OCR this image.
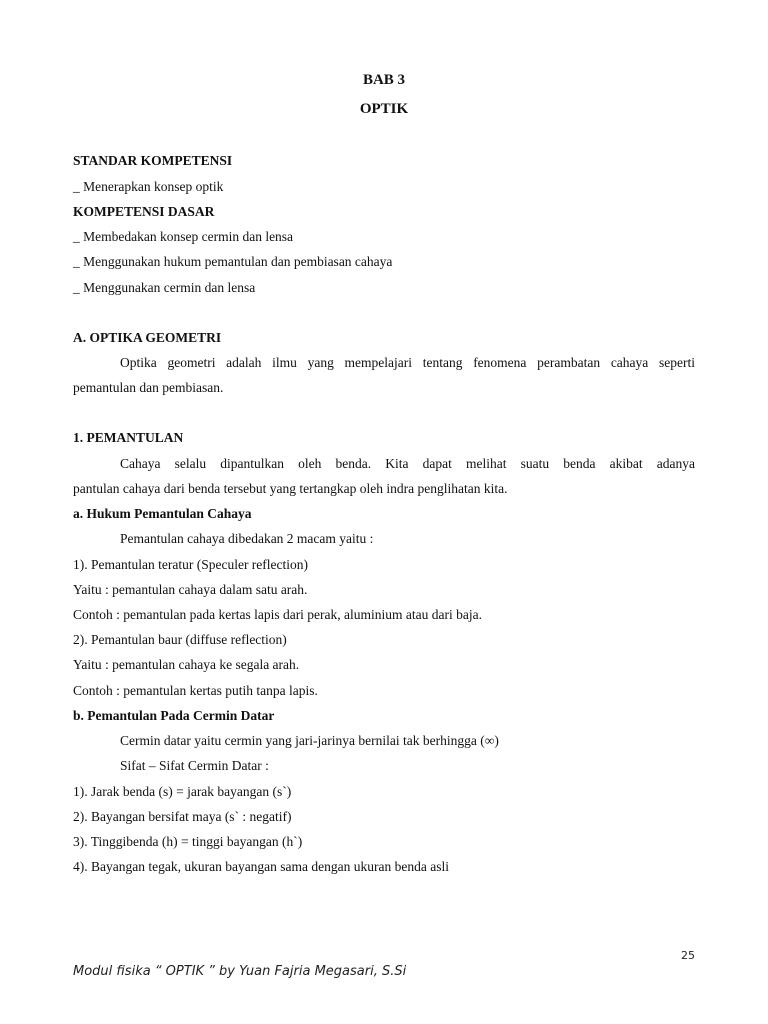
BAB 3
OPTIK
STANDAR KOMPETENSI
_ Menerapkan konsep optik
KOMPETENSI DASAR
_ Membedakan konsep cermin dan lensa
_ Menggunakan hukum pemantulan dan pembiasan cahaya
_ Menggunakan cermin dan lensa
A. OPTIKA GEOMETRI
Optika geometri adalah ilmu yang mempelajari tentang fenomena perambatan cahaya seperti
pemantulan dan pembiasan.
1. PEMANTULAN
Cahaya selalu dipantulkan oleh benda. Kita dapat melihat suatu benda akibat adanya
pantulan cahaya dari benda tersebut yang tertangkap oleh indra penglihatan kita.
a. Hukum Pemantulan Cahaya
Pemantulan cahaya dibedakan 2 macam yaitu :
1). Pemantulan teratur (Speculer reflection)
Yaitu : pemantulan cahaya dalam satu arah.
Contoh : pemantulan pada kertas lapis dari perak, aluminium atau dari baja.
2). Pemantulan baur (diffuse reflection)
Yaitu : pemantulan cahaya ke segala arah.
Contoh : pemantulan kertas putih tanpa lapis.
b. Pemantulan Pada Cermin Datar
Cermin datar yaitu cermin yang jari-jarinya bernilai tak berhingga (∞)
Sifat – Sifat Cermin Datar :
1). Jarak benda (s) = jarak bayangan (s`)
2). Bayangan bersifat maya (s` : negatif)
3). Tinggibenda (h) = tinggi bayangan (h`)
4). Bayangan tegak, ukuran bayangan sama dengan ukuran benda asli
25
Modul fisika “ OPTIK ” by Yuan Fajria Megasari, S.Si
